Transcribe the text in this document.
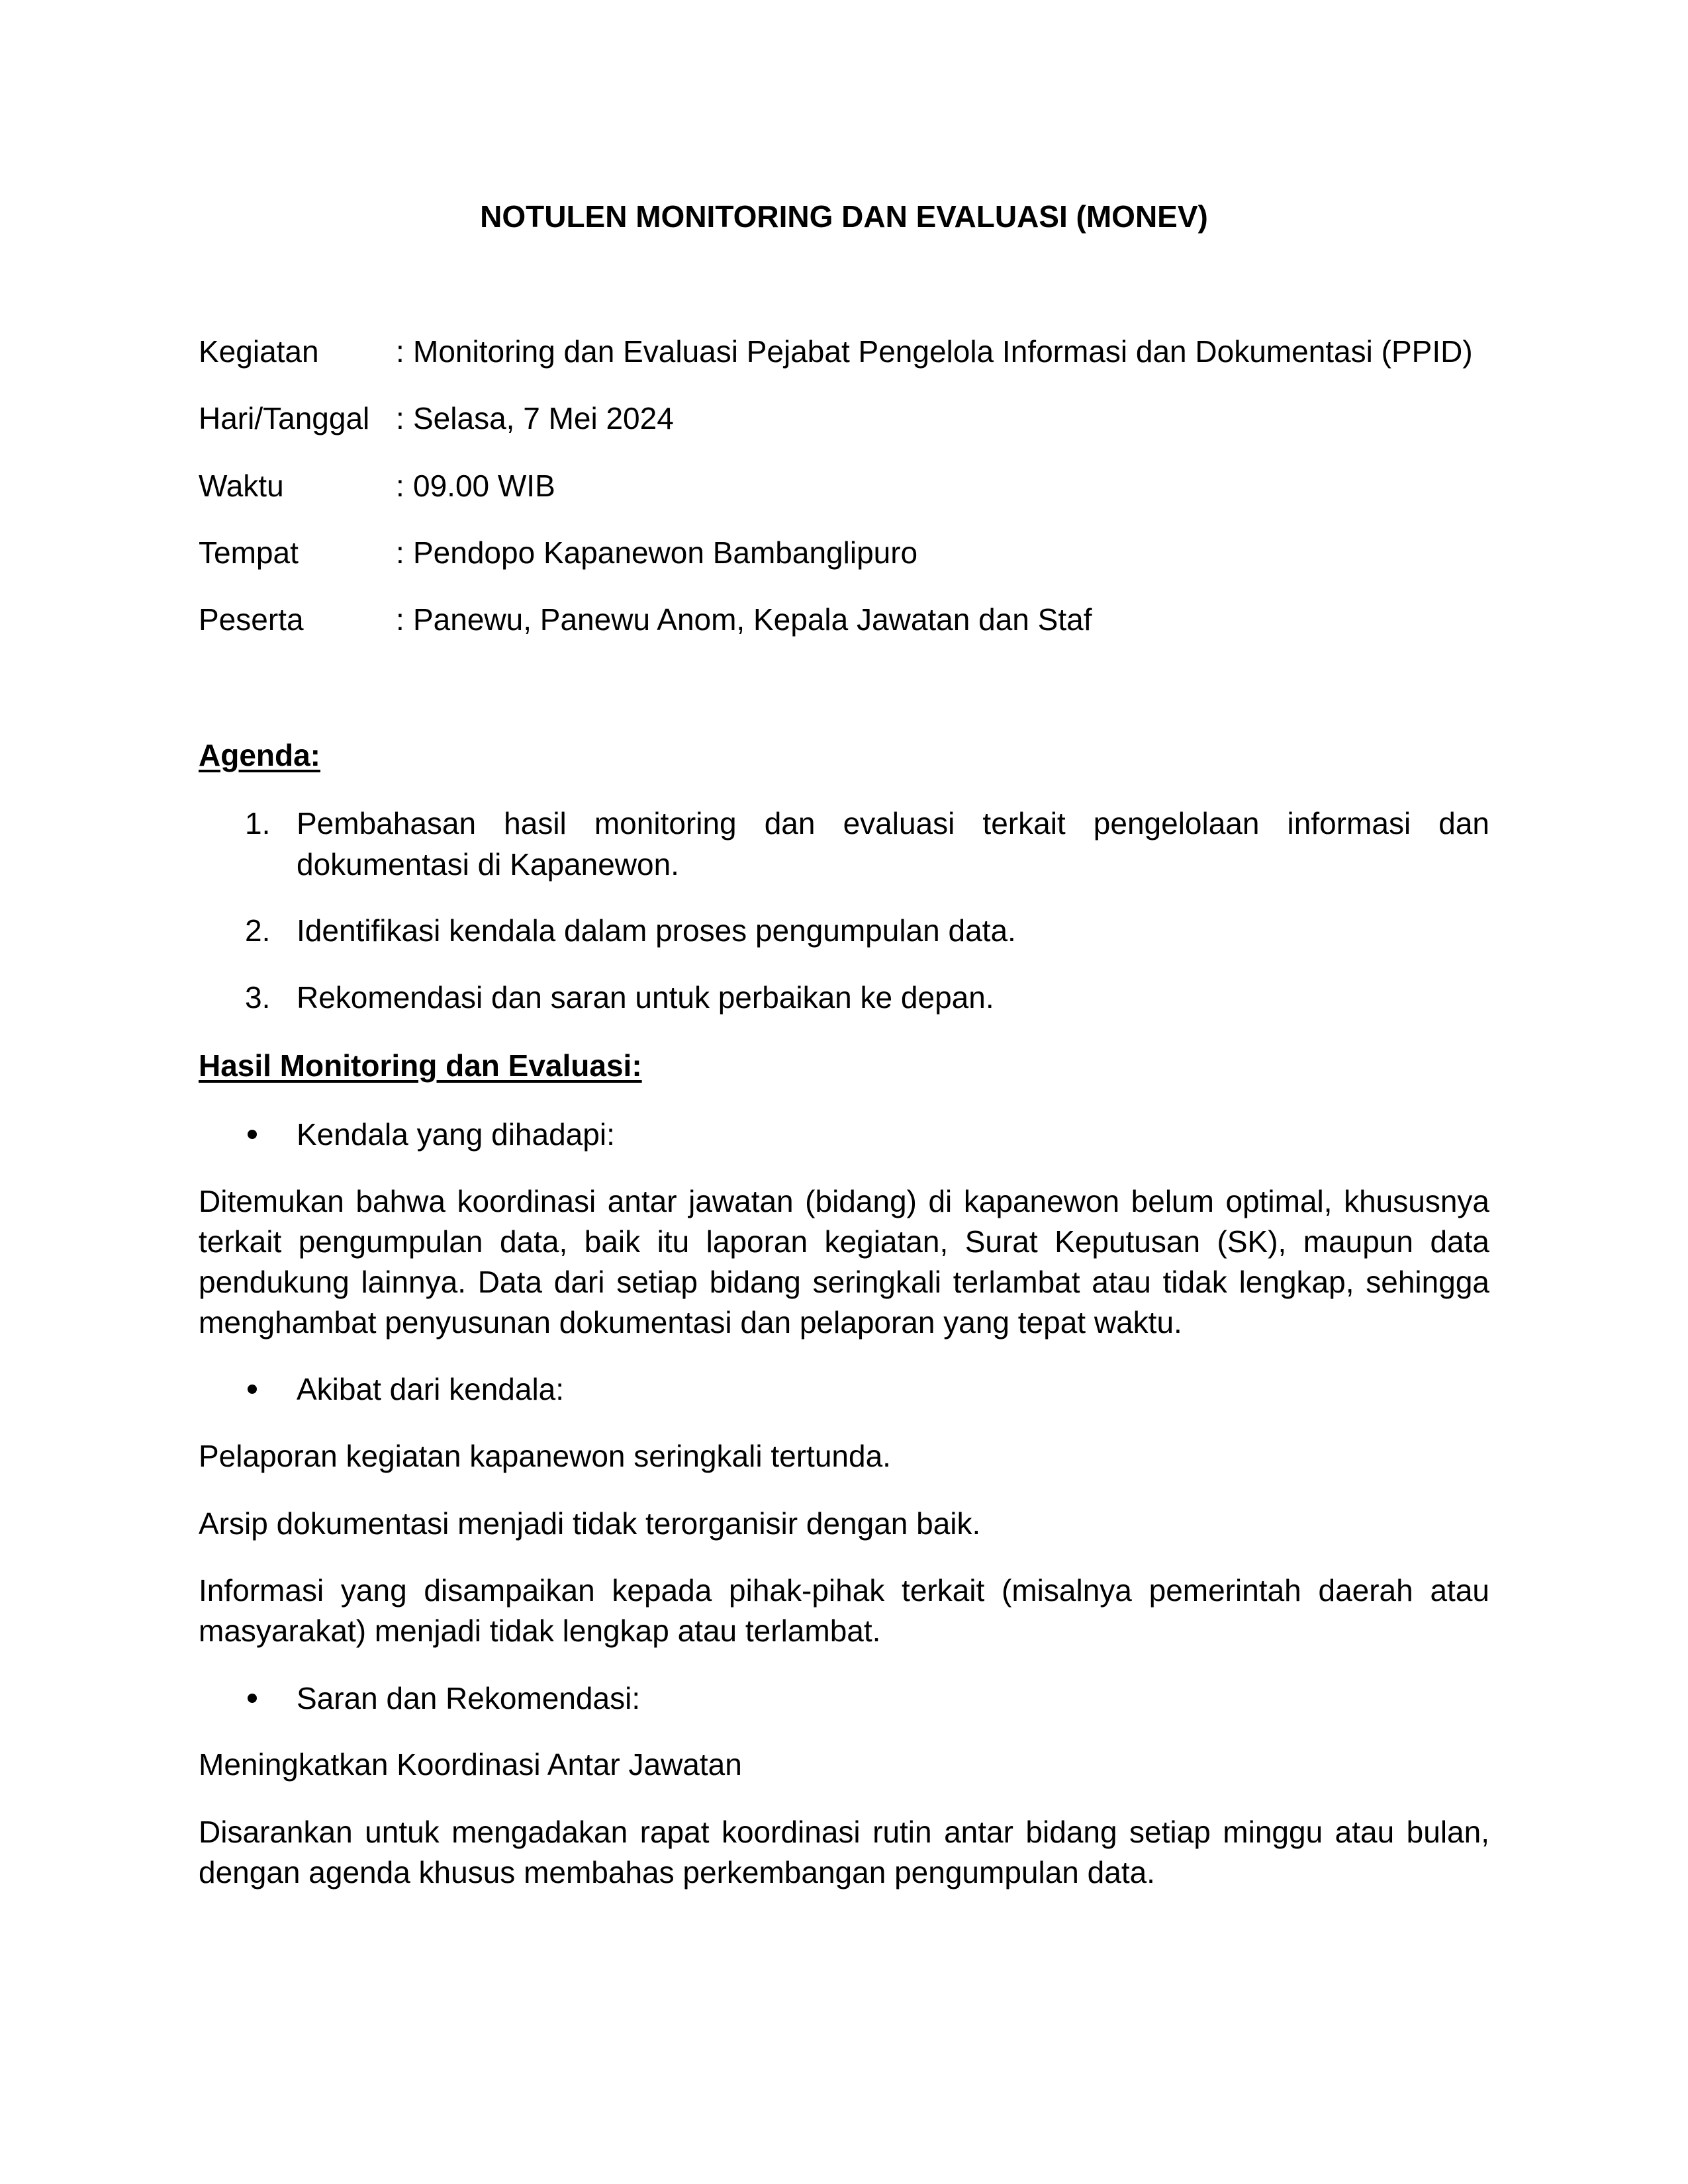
NOTULEN MONITORING DAN EVALUASI (MONEV)
Kegiatan	: Monitoring dan Evaluasi Pejabat Pengelola Informasi dan Dokumentasi (PPID)
Hari/Tanggal : Selasa, 7 Mei 2024
Waktu	: 09.00 WIB
Tempat	: Pendopo Kapanewon Bambanglipuro
Peserta	: Panewu, Panewu Anom, Kepala Jawatan dan Staf
Agenda:
1. Pembahasan hasil monitoring dan evaluasi terkait pengelolaan informasi dan dokumentasi di Kapanewon.
2. Identifikasi kendala dalam proses pengumpulan data.
3. Rekomendasi dan saran untuk perbaikan ke depan.
Hasil Monitoring dan Evaluasi:
Kendala yang dihadapi:

Ditemukan bahwa koordinasi antar jawatan (bidang) di kapanewon belum optimal, khususnya terkait pengumpulan data, baik itu laporan kegiatan, Surat Keputusan (SK), maupun data pendukung lainnya. Data dari setiap bidang seringkali terlambat atau tidak lengkap, sehingga menghambat penyusunan dokumentasi dan pelaporan yang tepat waktu.

Akibat dari kendala:

Pelaporan kegiatan kapanewon seringkali tertunda.

Arsip dokumentasi menjadi tidak terorganisir dengan baik.

Informasi yang disampaikan kepada pihak-pihak terkait (misalnya pemerintah daerah atau masyarakat) menjadi tidak lengkap atau terlambat.

Saran dan Rekomendasi:

Meningkatkan Koordinasi Antar Jawatan

Disarankan untuk mengadakan rapat koordinasi rutin antar bidang setiap minggu atau bulan, dengan agenda khusus membahas perkembangan pengumpulan data.
